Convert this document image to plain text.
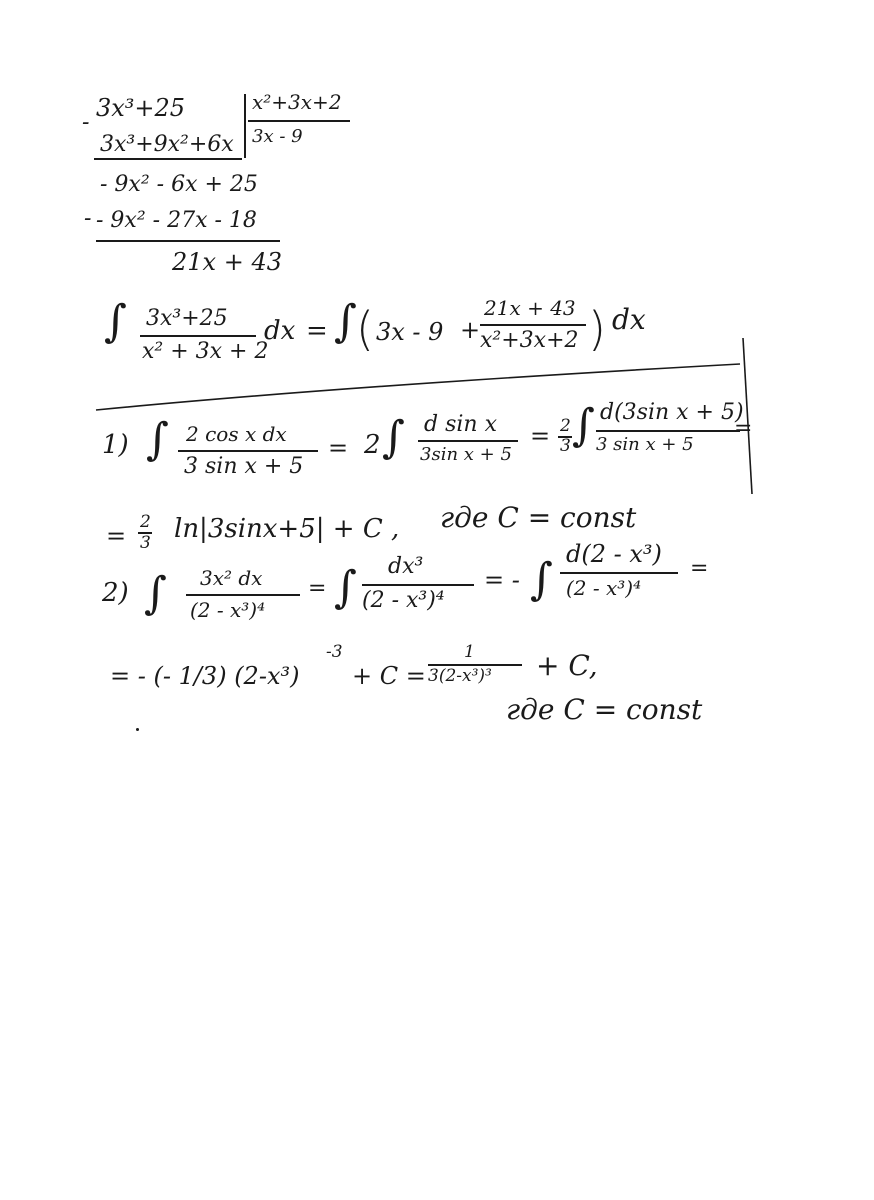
-
3x³+25	x²+3x+2
3x³+9x²+6x 3x - 9
- 9x² - 6x + 25
- - 9x² - 27x - 18
21x + 43
∫ 3x³+25
x² + 3x + 2
dx = ∫ ( 3x - 9 +
21x + 43
x²+3x+2 ) dx
1) ∫ 2 cos x dx
3 sin x + 5
= 2 ∫ d sin x
3sin x + 5
= 2
3 ∫ d(3sin x + 5)
3 sin x + 5
=
= 2
3 ln|3sinx+5| + C , где C = const
2) ∫ 3x² dx
(2 - x³)⁴
= ∫ dx³
(2 - x³)⁴
= - ∫ d(2 - x³)
(2 - x³)⁴
=
= - (- 1/3) (2-x³)
-3
+ C =
1
3(2-x³)³ + C,
где C = const
